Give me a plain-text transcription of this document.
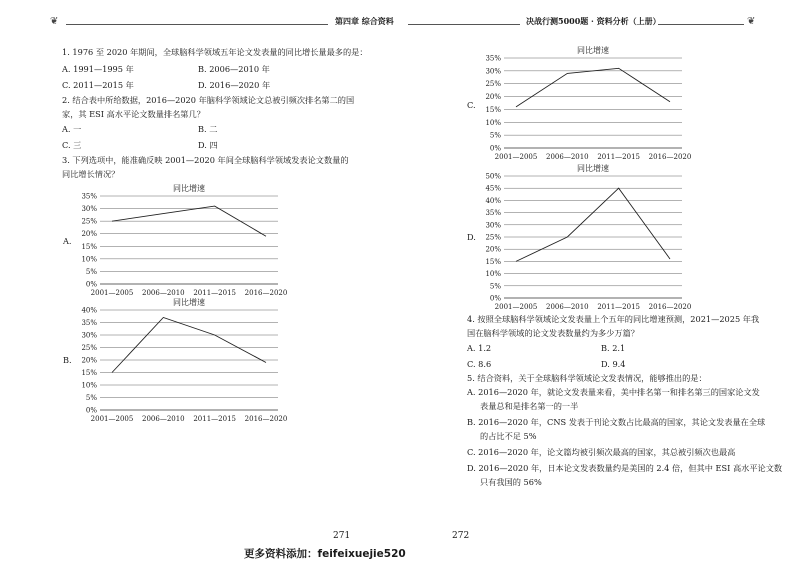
❦	第四章 综合资料	决战行测5000题 · 资料分析（上册）	❦
1. 1976 至 2020 年期间，全球脑科学领域五年论文发表量的同比增长量最多的是：
A. 1991—1995 年	B. 2006—2010 年
C. 2011—2015 年	D. 2016—2020 年
2. 结合表中所给数据，2016—2020 年脑科学领域论文总被引频次排名第二的国
家，其 ESI 高水平论文数量排名第几？
A. 一	B. 二
C. 三	D. 四
3. 下列选项中，能准确反映 2001—2020 年间全球脑科学领域发表论文数量的
同比增长情况？
A.
同比增速
0%
5%
10%
15%
20%
25%
30%
35%
2001—2005 2006—2010 2011—2015 2016—2020
B.
同比增速
0%
5%
10%
15%
20%
25%
30%
35%
40%
2001—2005 2006—2010 2011—2015 2016—2020
271
更多资料添加：feifeixuejie520
C.
同比增速
0%
5%
10%
15%
20%
25%
30%
35%
2001—2005 2006—2010 2011—2015 2016—2020
D.
同比增速
0%
5%
10%
15%
20%
25%
30%
35%
40%
45%
50%
2001—2005 2006—2010 2011—2015 2016—2020
4. 按照全球脑科学领域论文发表量上个五年的同比增速预测，2021—2025 年我
国在脑科学领域的论文发表数量约为多少万篇？
A. 1.2	B. 2.1
C. 8.6	D. 9.4
5. 结合资料，关于全球脑科学领域论文发表情况，能够推出的是：
A. 2016—2020 年，就论文发表量来看，美中排名第一和排名第三的国家论文发
表量总和是排名第一的一半
B. 2016—2020 年，CNS 发表于刊论文数占比最高的国家，其论文发表量在全球
的占比不足 5%
C. 2016—2020 年，论文篇均被引频次最高的国家，其总被引频次也最高
D. 2016—2020 年，日本论文发表数量约是美国的 2.4 倍，但其中 ESI 高水平论文数
只有我国的 56%
272
